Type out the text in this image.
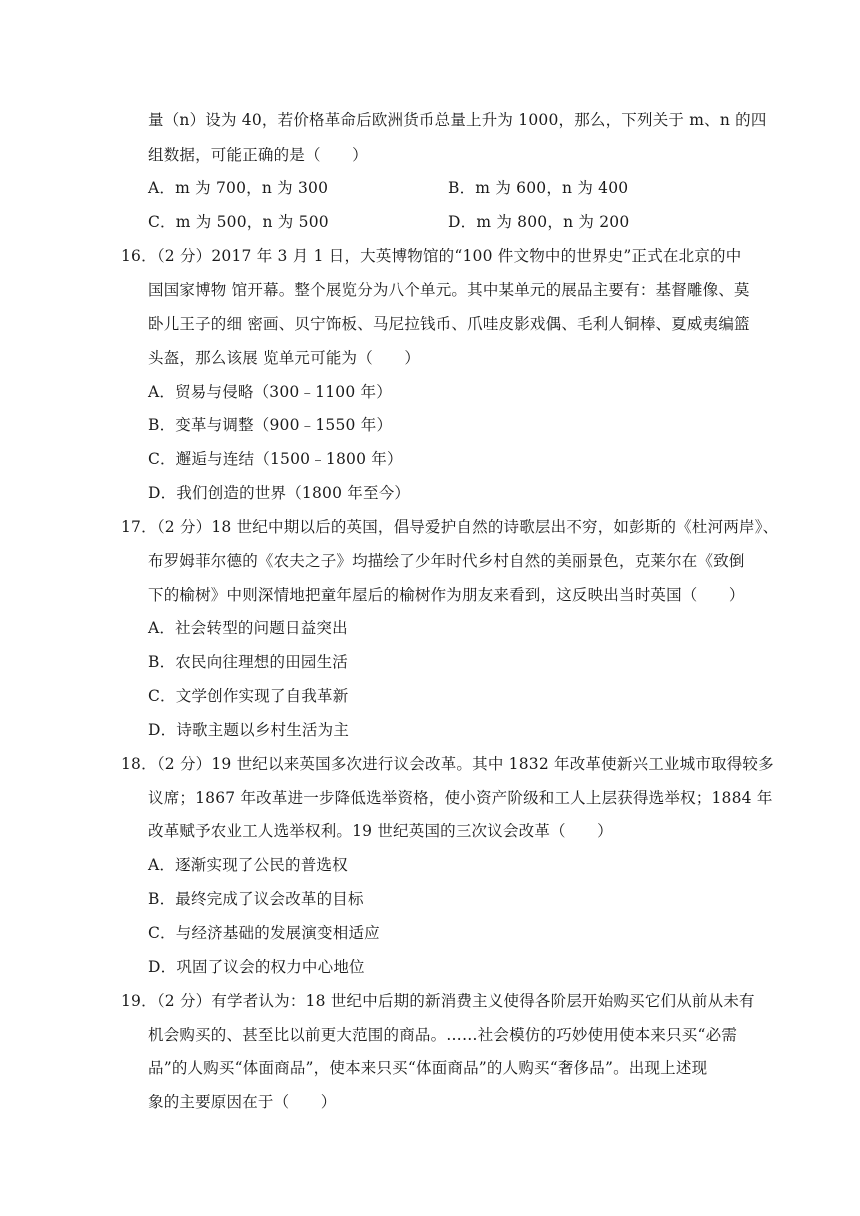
量（n）设为 40，若价格革命后欧洲货币总量上升为 1000，那么，下列关于 m、n 的四
组数据，可能正确的是（　　）
A．m 为 700，n 为 300	B．m 为 600，n 为 400
C．m 为 500，n 为 500	D．m 为 800，n 为 200
16．（2 分）2017 年 3 月 1 日，大英博物馆的“100 件文物中的世界史”正式在北京的中
国国家博物 馆开幕。整个展览分为八个单元。其中某单元的展品主要有：基督雕像、莫
卧儿王子的细 密画、贝宁饰板、马尼拉钱币、爪哇皮影戏偶、毛利人铜棒、夏威夷编篮
头盔，那么该展 览单元可能为（　　）
A．贸易与侵略（300﹣1100 年）
B．变革与调整（900﹣1550 年）
C．邂逅与连结（1500﹣1800 年）
D．我们创造的世界（1800 年至今）
17．（2 分）18 世纪中期以后的英国，倡导爱护自然的诗歌层出不穷，如彭斯的《杜河两岸》、
布罗姆菲尔德的《农夫之子》均描绘了少年时代乡村自然的美丽景色，克莱尔在《致倒
下的榆树》中则深情地把童年屋后的榆树作为朋友来看到，这反映出当时英国（　　）
A．社会转型的问题日益突出
B．农民向往理想的田园生活
C．文学创作实现了自我革新
D．诗歌主题以乡村生活为主
18．（2 分）19 世纪以来英国多次进行议会改革。其中 1832 年改革使新兴工业城市取得较多
议席；1867 年改革进一步降低选举资格，使小资产阶级和工人上层获得选举权；1884 年
改革赋予农业工人选举权利。19 世纪英国的三次议会改革（　　）
A．逐渐实现了公民的普选权
B．最终完成了议会改革的目标
C．与经济基础的发展演变相适应
D．巩固了议会的权力中心地位
19．（2 分）有学者认为：18 世纪中后期的新消费主义使得各阶层开始购买它们从前从未有
机会购买的、甚至比以前更大范围的商品。……社会模仿的巧妙使用使本来只买“必需
品”的人购买“体面商品”，使本来只买“体面商品”的人购买“奢侈品”。出现上述现
象的主要原因在于（　　）
